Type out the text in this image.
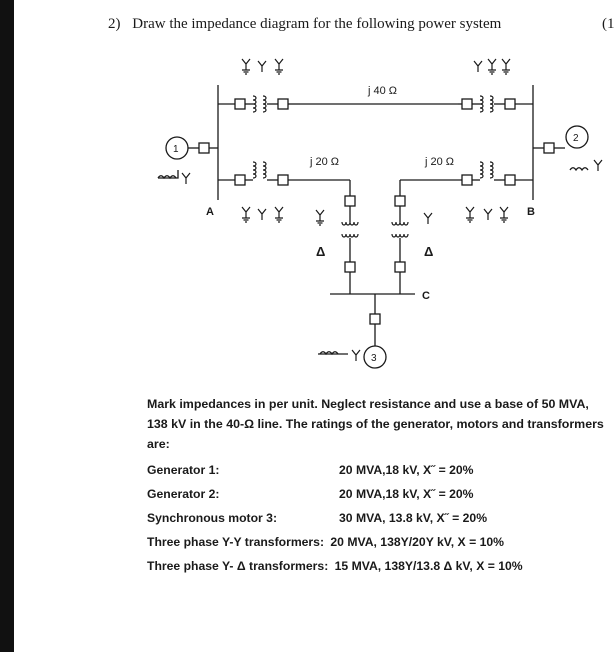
2) Draw the impedance diagram for the following power system	(1
j 40 Ω
j 20 Ω	j 20 Ω
A	B
C
1
2
3
Δ	Δ
Mark impedances in per unit. Neglect resistance and use a base of 50 MVA, 138 kV in the 40-Ω line. The ratings of the generator, motors and transformers are:
Generator 1:	20 MVA,18 kV, X˝ = 20%
Generator 2:	20 MVA,18 kV, X˝ = 20%
Synchronous motor 3:	30 MVA, 13.8 kV, X˝ = 20%
Three phase Y-Y transformers: 20 MVA, 138Y/20Y kV, X = 10%
Three phase Y- Δ transformers: 15 MVA, 138Y/13.8 Δ kV, X = 10%
